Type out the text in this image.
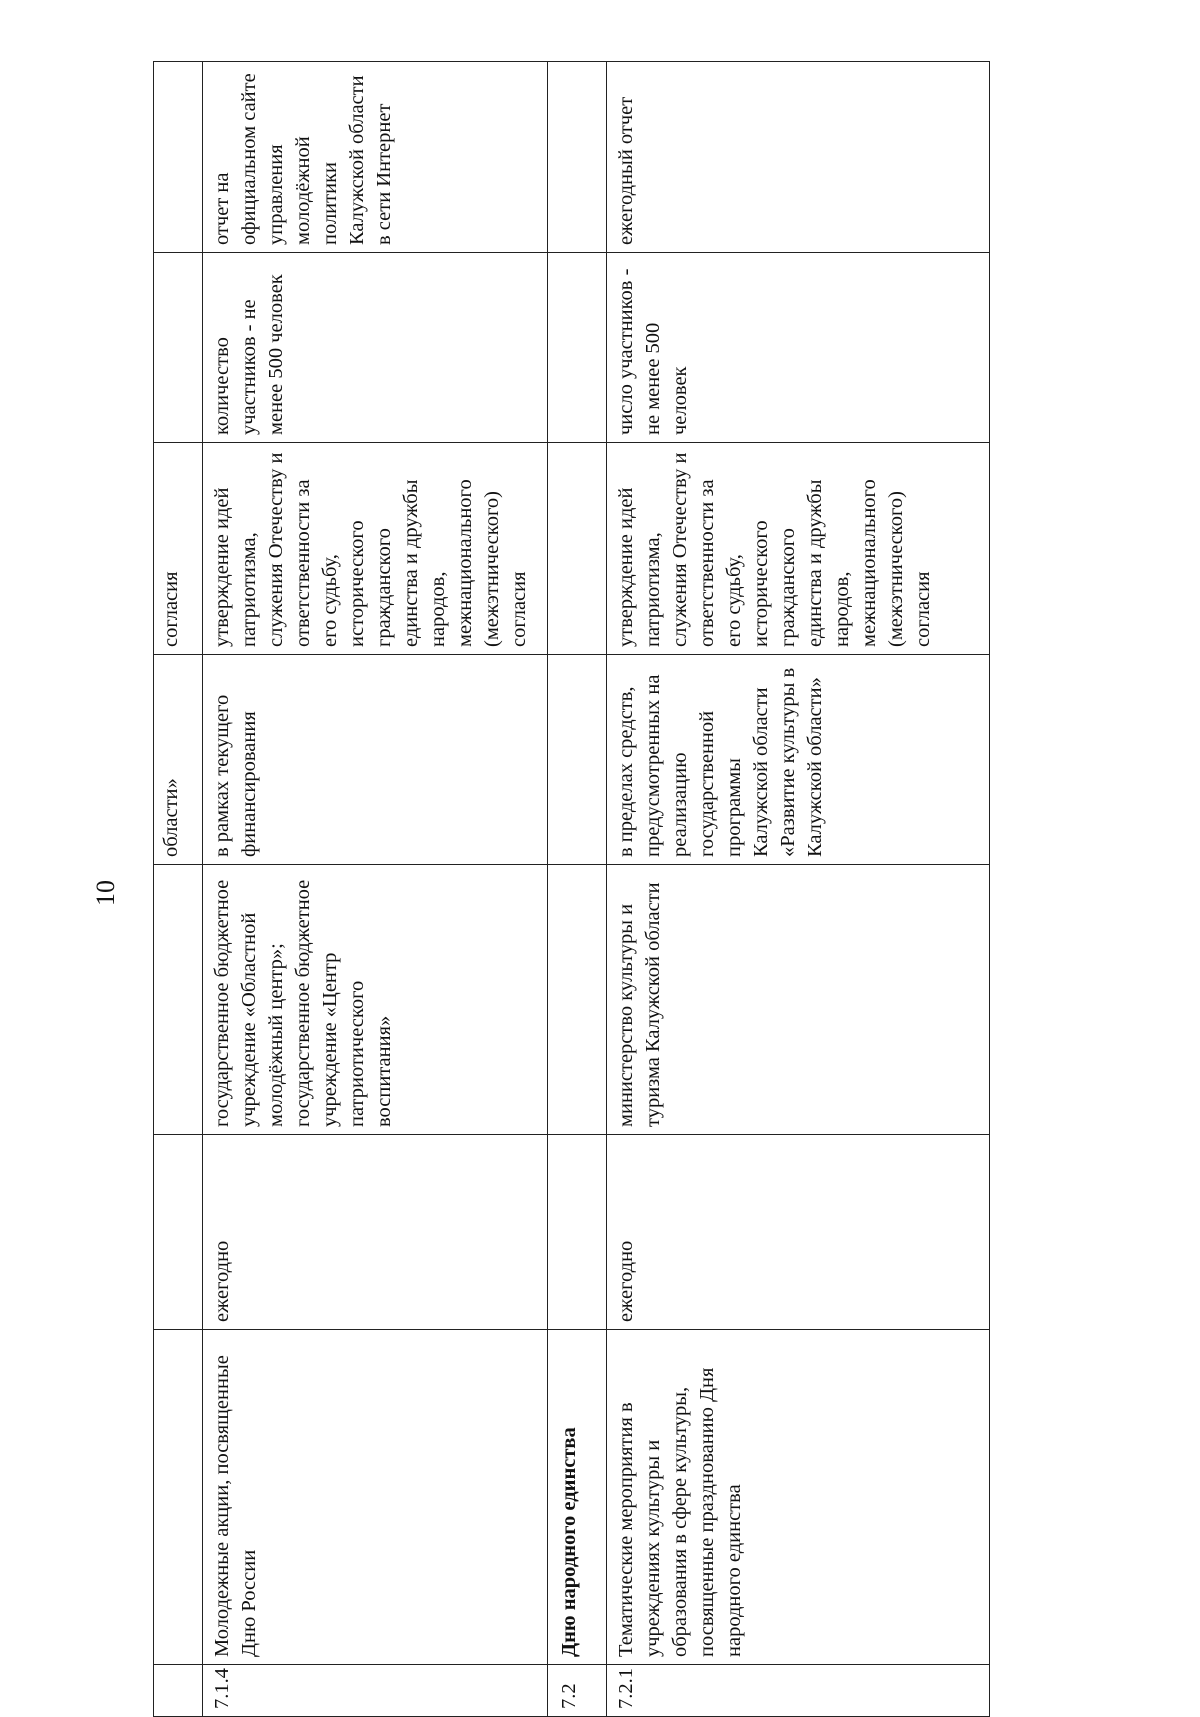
10
				области»	согласия		
7.1.4	Молодежные акции, посвященные Дню России	ежегодно	государственное бюджетное учреждение «Областной молодёжный центр»; государственное бюджетное учреждение «Центр патриотического воспитания»	в рамках текущего финансирования	утверждение идей патриотизма, служения Отечеству и ответственности за его судьбу, исторического гражданского единства и дружбы народов, межнационального (межэтнического) согласия	количество участников - не менее 500 человек	отчет на официальном сайте управления молодёжной политики Калужской области в сети Интернет
7.2	Дню народного единства						
7.2.1	Тематические мероприятия в учреждениях культуры и образования в сфере культуры, посвященные празднованию Дня народного единства	ежегодно	министерство культуры и туризма Калужской области	в пределах средств, предусмотренных на реализацию государственной программы Калужской области «Развитие культуры в Калужской области»	утверждение идей патриотизма, служения Отечеству и ответственности за его судьбу, исторического гражданского единства и дружбы народов, межнационального (межэтнического) согласия	число участников - не менее 500 человек	ежегодный отчет
